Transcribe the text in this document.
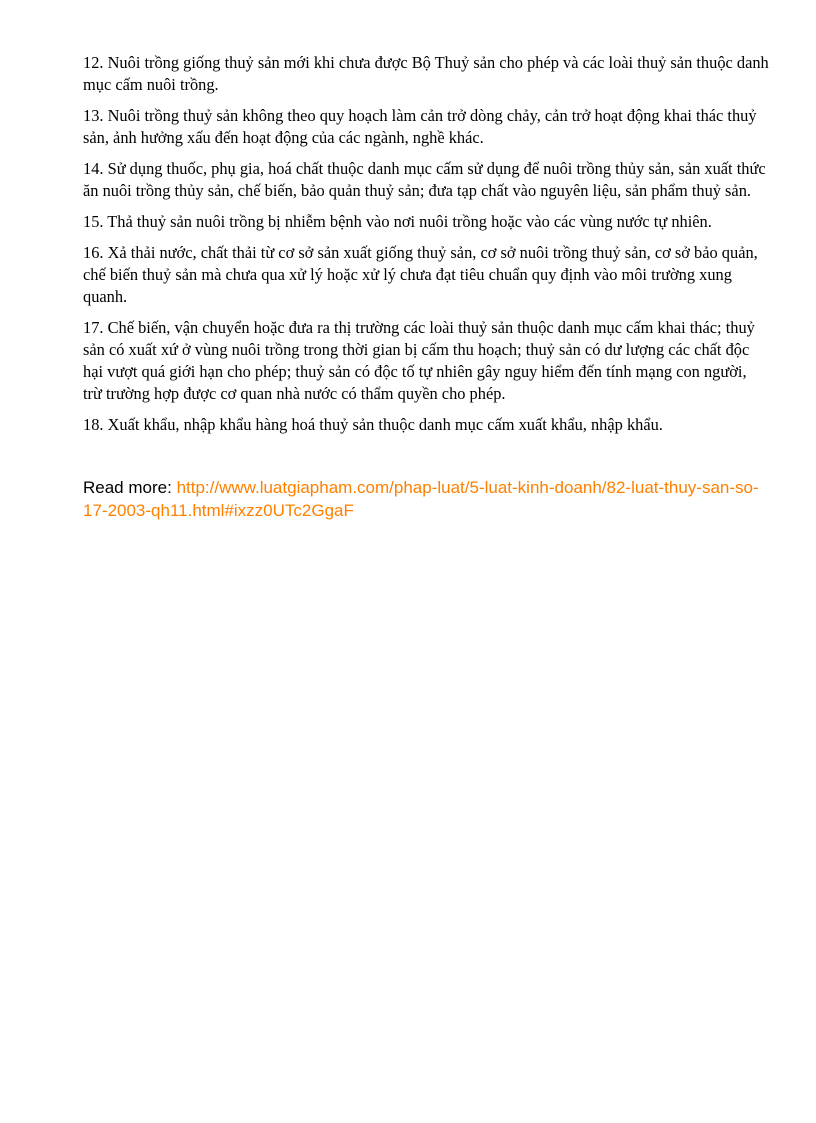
12. Nuôi trồng giống thuỷ sản mới khi chưa được Bộ Thuỷ sản cho phép và các loài thuỷ sản thuộc danh mục cấm nuôi trồng.

13. Nuôi trồng thuỷ sản không theo quy hoạch làm cản trở dòng chảy, cản trở hoạt động khai thác thuỷ sản, ảnh hưởng xấu đến hoạt động của các ngành, nghề khác.

14. Sử dụng thuốc, phụ gia, hoá chất thuộc danh mục cấm sử dụng để nuôi trồng thủy sản, sản xuất thức ăn nuôi trồng thủy sản, chế biến, bảo quản thuỷ sản; đưa tạp chất vào nguyên liệu, sản phẩm thuỷ sản.

15. Thả thuỷ sản nuôi trồng bị nhiễm bệnh vào nơi nuôi trồng hoặc vào các vùng nước tự nhiên.

16. Xả thải nước, chất thải từ cơ sở sản xuất giống thuỷ sản, cơ sở nuôi trồng thuỷ sản, cơ sở bảo quản, chế biến thuỷ sản mà chưa qua xử lý hoặc xử lý chưa đạt tiêu chuẩn quy định vào môi trường xung quanh.

17. Chế biến, vận chuyển hoặc đưa ra thị trường các loài thuỷ sản thuộc danh mục cấm khai thác; thuỷ sản có xuất xứ ở vùng nuôi trồng trong thời gian bị cấm thu hoạch; thuỷ sản có dư lượng các chất độc hại vượt quá giới hạn cho phép; thuỷ sản có độc tố tự nhiên gây nguy hiểm đến tính mạng con người, trừ trường hợp được cơ quan nhà nước có thẩm quyền cho phép.

18. Xuất khẩu, nhập khẩu hàng hoá thuỷ sản thuộc danh mục cấm xuất khẩu, nhập khẩu.

Read more: http://www.luatgiapham.com/phap-luat/5-luat-kinh-doanh/82-luat-thuy-san-so-17-2003-qh11.html#ixzz0UTc2GgaF
